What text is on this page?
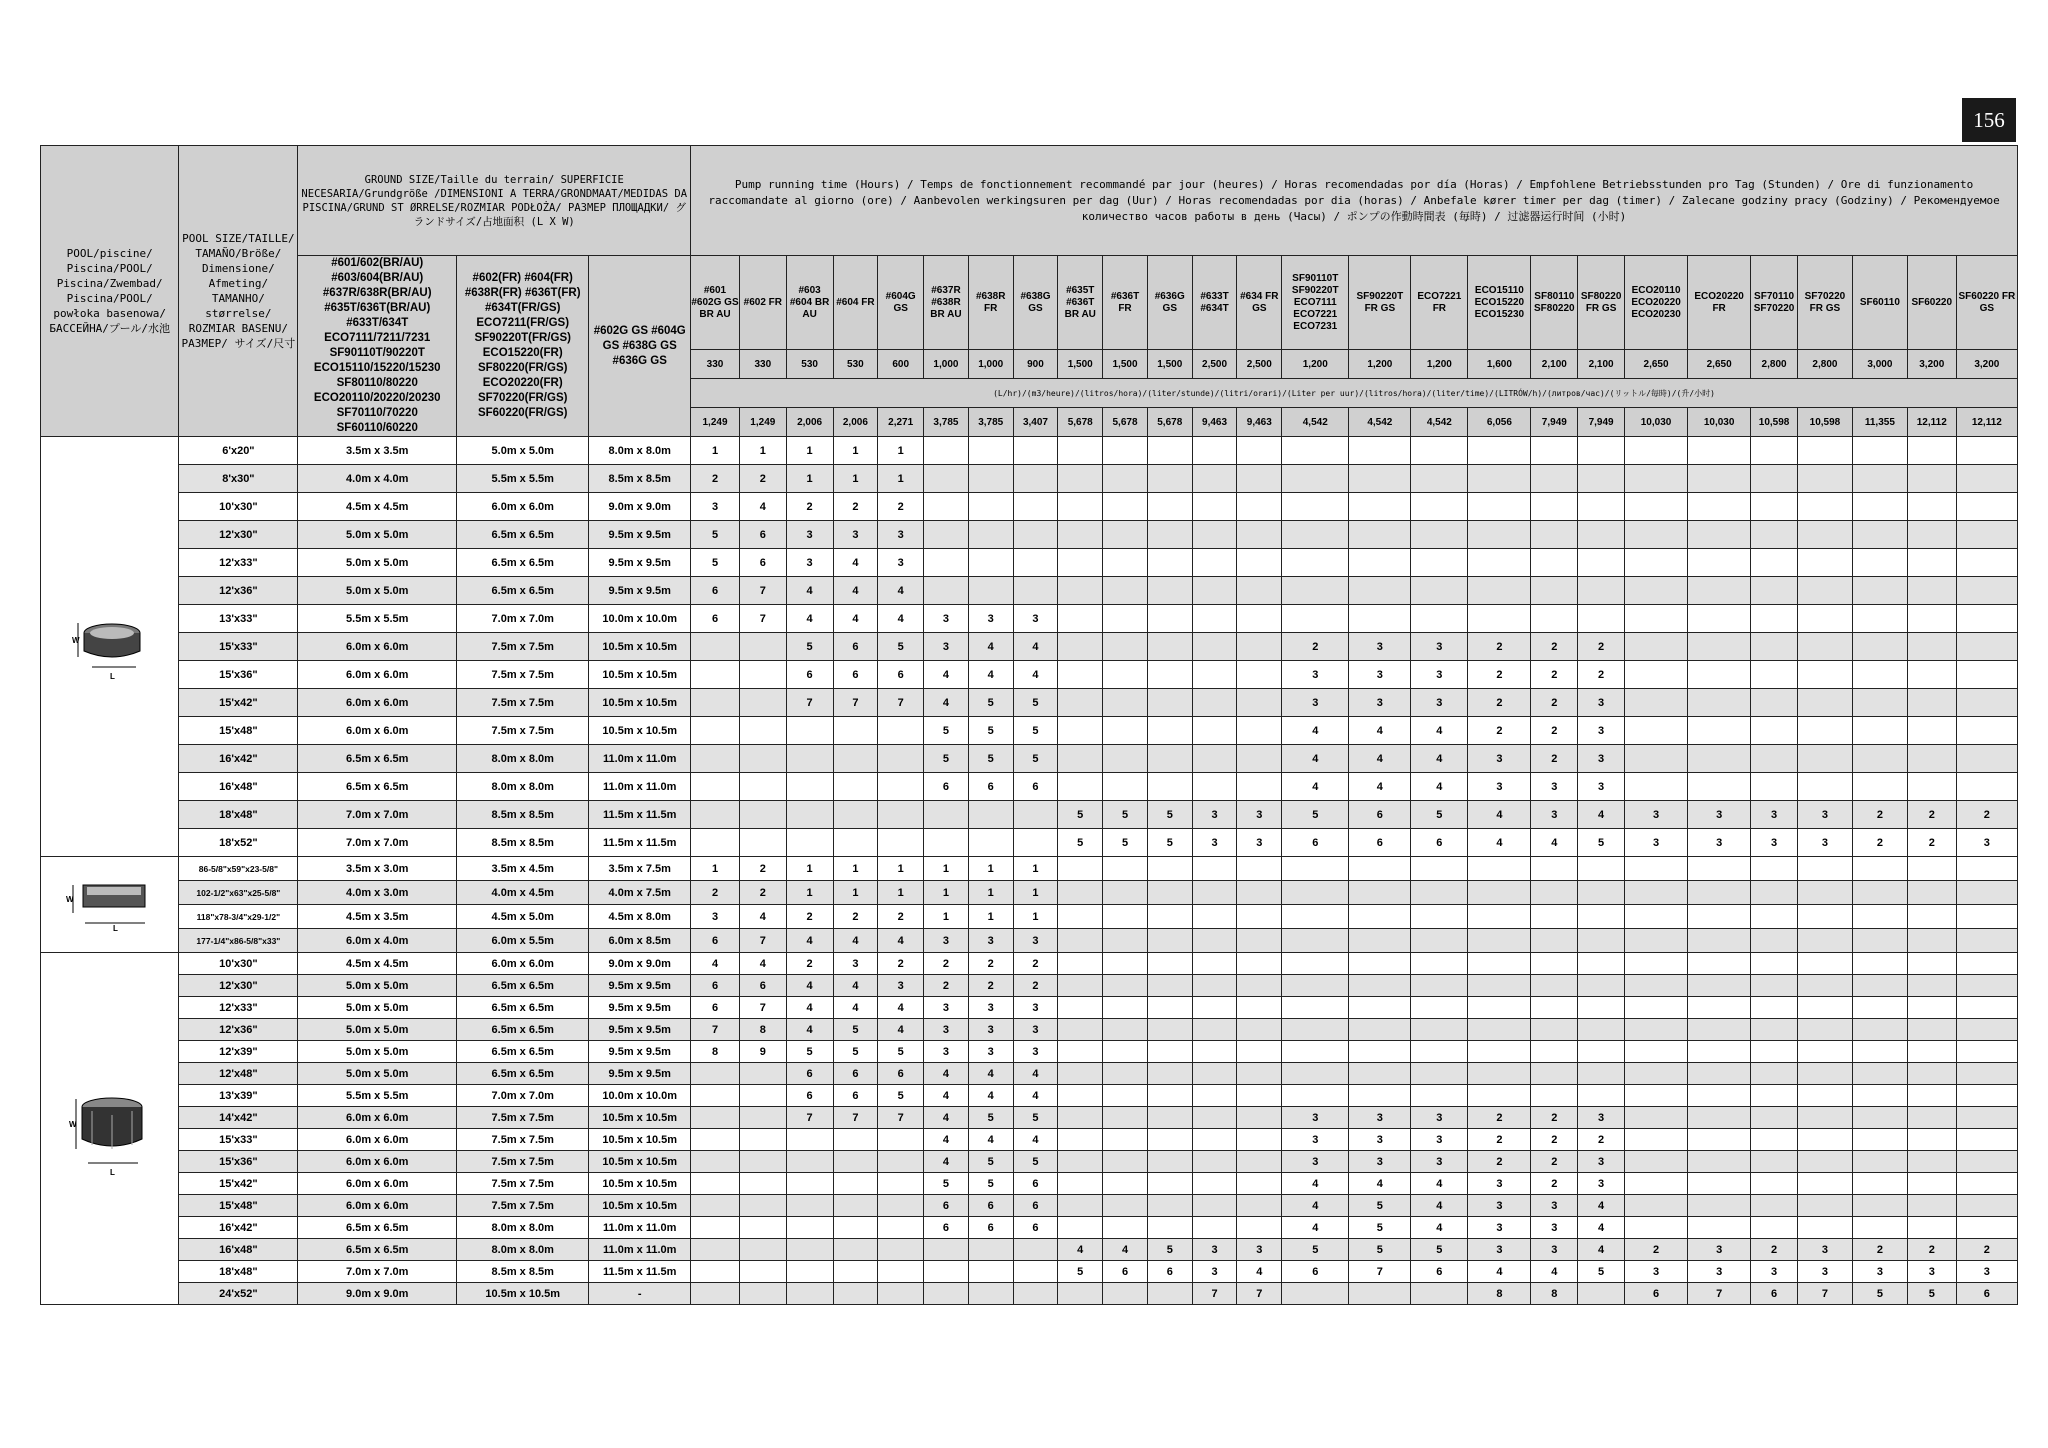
156
POOL/piscine/ Piscina/POOL/ Piscina/Zwembad/ Piscina/POOL/ powłoka basenowa/ БАССЕЙНА/プール/水池	POOL SIZE/TAILLE/ TAMAÑO/Bröße/ Dimensione/ Afmeting/ TAMANHO/ størrelse/ ROZMIAR BASENU/ РАЗМЕР/ サイズ/尺寸	GROUND SIZE/Taille du terrain/ SUPERFICIE NECESARIA/Grundgröße /DIMENSIONI A TERRA/GRONDMAAT/MEDIDAS DA PISCINA/GRUND ST ØRRELSE/ROZMIAR PODŁOŻA/ РАЗМЕР ПЛОЩАДКИ/ グランドサイズ/占地面积 (L X W)			Pump running time (Hours) / Temps de fonctionnement recommandé par jour (heures) / Horas recomendadas por día (Horas) / Empfohlene Betriebsstunden pro Tag (Stunden) / Ore di funzionamento raccomandate al giorno (ore) / Aanbevolen werkingsuren per dag (Uur) / Horas recomendadas por dia (horas) / Anbefale kører timer per dag (timer) / Zalecane godziny pracy (Godziny) / Рекомендуемое количество часов работы в день (Часы) / ポンプの作動時間表 (毎時) / 过滤器运行时间 (小时)																									
		#601/602(BR/AU) #603/604(BR/AU) #637R/638R(BR/AU) #635T/636T(BR/AU) #633T/634T ECO7111/7211/7231 SF90110T/90220T ECO15110/15220/15230 SF80110/80220 ECO20110/20220/20230 SF70110/70220 SF60110/60220	#602(FR) #604(FR) #638R(FR) #636T(FR) #634T(FR/GS) ECO7211(FR/GS) SF90220T(FR/GS) ECO15220(FR) SF80220(FR/GS) ECO20220(FR) SF70220(FR/GS) SF60220(FR/GS)	#602G GS #604G GS #638G GS #636G GS	#601 #602G GS BR AU	#602 FR	#603 #604 BR AU	#604 FR	#604G GS	#637R #638R BR AU	#638R FR	#638G GS	#635T #636T BR AU	#636T FR	#636G GS	#633T #634T	#634 FR GS	SF90110T SF90220T ECO7111 ECO7221 ECO7231	SF90220T FR GS	ECO7221 FR	ECO15110 ECO15220 ECO15230	SF80110 SF80220	SF80220 FR GS	ECO20110 ECO20220 ECO20230	ECO20220 FR	SF70110 SF70220	SF70220 FR GS	SF60110	SF60220	SF60220 FR GS
					330	330	530	530	600	1,000	1,000	900	1,500	1,500	1,500	2,500	2,500	1,200	1,200	1,200	1,600	2,100	2,100	2,650	2,650	2,800	2,800	3,000	3,200	3,200
					(L/hr)/(m3/heure)/(litros/hora)/(liter/stunde)/(litri/orari)/(Liter per uur)/(litros/hora)/(liter/time)/(LITRÓW/h)/(литров/час)/(リットル/毎時)/(升/小时)																									
					1,249	1,249	2,006	2,006	2,271	3,785	3,785	3,407	5,678	5,678	5,678	9,463	9,463	4,542	4,542	4,542	6,056	7,949	7,949	10,030	10,030	10,598	10,598	11,355	12,112	12,112

W
L	6'x20"	3.5m x 3.5m	5.0m x 5.0m	8.0m x 8.0m	1	1	1	1	1																					
	8'x30"	4.0m x 4.0m	5.5m x 5.5m	8.5m x 8.5m	2	2	1	1	1																					
	10'x30"	4.5m x 4.5m	6.0m x 6.0m	9.0m x 9.0m	3	4	2	2	2																					
	12'x30"	5.0m x 5.0m	6.5m x 6.5m	9.5m x 9.5m	5	6	3	3	3																					
	12'x33"	5.0m x 5.0m	6.5m x 6.5m	9.5m x 9.5m	5	6	3	4	3																					
	12'x36"	5.0m x 5.0m	6.5m x 6.5m	9.5m x 9.5m	6	7	4	4	4																					
	13'x33"	5.5m x 5.5m	7.0m x 7.0m	10.0m x 10.0m	6	7	4	4	4	3	3	3																		
	15'x33"	6.0m x 6.0m	7.5m x 7.5m	10.5m x 10.5m			5	6	5	3	4	4						2	3	3	2	2	2							
	15'x36"	6.0m x 6.0m	7.5m x 7.5m	10.5m x 10.5m			6	6	6	4	4	4						3	3	3	2	2	2							
	15'x42"	6.0m x 6.0m	7.5m x 7.5m	10.5m x 10.5m			7	7	7	4	5	5						3	3	3	2	2	3							
	15'x48"	6.0m x 6.0m	7.5m x 7.5m	10.5m x 10.5m						5	5	5						4	4	4	2	2	3							
	16'x42"	6.5m x 6.5m	8.0m x 8.0m	11.0m x 11.0m						5	5	5						4	4	4	3	2	3							
	16'x48"	6.5m x 6.5m	8.0m x 8.0m	11.0m x 11.0m						6	6	6						4	4	4	3	3	3							
	18'x48"	7.0m x 7.0m	8.5m x 8.5m	11.5m x 11.5m									5	5	5	3	3	5	6	5	4	3	4	3	3	3	3	2	2	2
	18'x52"	7.0m x 7.0m	8.5m x 8.5m	11.5m x 11.5m									5	5	5	3	3	6	6	6	4	4	5	3	3	3	3	2	2	3

W
L	86-5/8"x59"x23-5/8"	3.5m x 3.0m	3.5m x 4.5m	3.5m x 7.5m	1	2	1	1	1	1	1	1																		
	102-1/2"x63"x25-5/8"	4.0m x 3.0m	4.0m x 4.5m	4.0m x 7.5m	2	2	1	1	1	1	1	1																		
	118"x78-3/4"x29-1/2"	4.5m x 3.5m	4.5m x 5.0m	4.5m x 8.0m	3	4	2	2	2	1	1	1																		
	177-1/4"x86-5/8"x33"	6.0m x 4.0m	6.0m x 5.5m	6.0m x 8.5m	6	7	4	4	4	3	3	3																		

W
L	10'x30"	4.5m x 4.5m	6.0m x 6.0m	9.0m x 9.0m	4	4	2	3	2	2	2	2																		
	12'x30"	5.0m x 5.0m	6.5m x 6.5m	9.5m x 9.5m	6	6	4	4	3	2	2	2																		
	12'x33"	5.0m x 5.0m	6.5m x 6.5m	9.5m x 9.5m	6	7	4	4	4	3	3	3																		
	12'x36"	5.0m x 5.0m	6.5m x 6.5m	9.5m x 9.5m	7	8	4	5	4	3	3	3																		
	12'x39"	5.0m x 5.0m	6.5m x 6.5m	9.5m x 9.5m	8	9	5	5	5	3	3	3																		
	12'x48"	5.0m x 5.0m	6.5m x 6.5m	9.5m x 9.5m			6	6	6	4	4	4																		
	13'x39"	5.5m x 5.5m	7.0m x 7.0m	10.0m x 10.0m			6	6	5	4	4	4																		
	14'x42"	6.0m x 6.0m	7.5m x 7.5m	10.5m x 10.5m			7	7	7	4	5	5						3	3	3	2	2	3							
	15'x33"	6.0m x 6.0m	7.5m x 7.5m	10.5m x 10.5m						4	4	4						3	3	3	2	2	2							
	15'x36"	6.0m x 6.0m	7.5m x 7.5m	10.5m x 10.5m						4	5	5						3	3	3	2	2	3							
	15'x42"	6.0m x 6.0m	7.5m x 7.5m	10.5m x 10.5m						5	5	6						4	4	4	3	2	3							
	15'x48"	6.0m x 6.0m	7.5m x 7.5m	10.5m x 10.5m						6	6	6						4	5	4	3	3	4							
	16'x42"	6.5m x 6.5m	8.0m x 8.0m	11.0m x 11.0m						6	6	6						4	5	4	3	3	4							
	16'x48"	6.5m x 6.5m	8.0m x 8.0m	11.0m x 11.0m									4	4	5	3	3	5	5	5	3	3	4	2	3	2	3	2	2	2
	18'x48"	7.0m x 7.0m	8.5m x 8.5m	11.5m x 11.5m									5	6	6	3	4	6	7	6	4	4	5	3	3	3	3	3	3	3
	24'x52"	9.0m x 9.0m	10.5m x 10.5m	-												7	7				8	8		6	7	6	7	5	5	6
